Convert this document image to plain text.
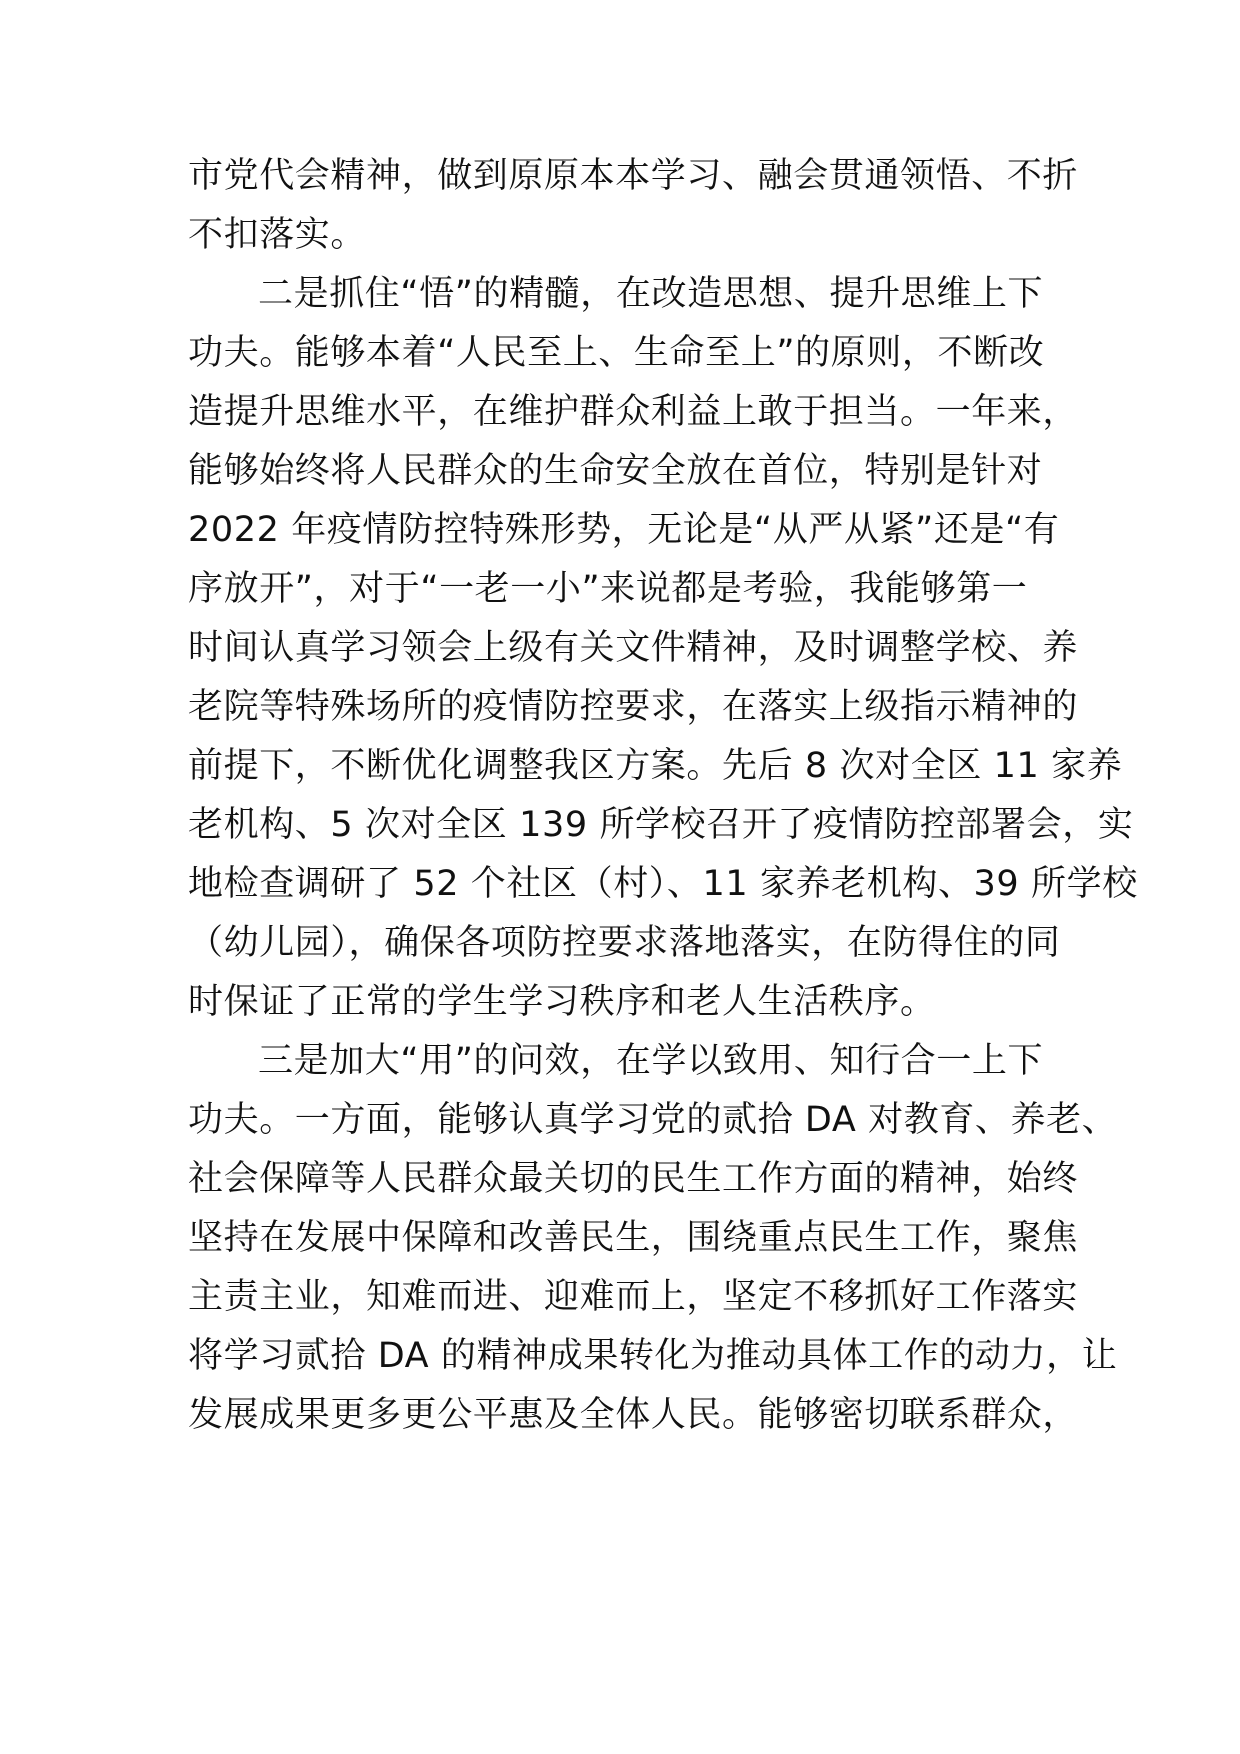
市党代会精神，做到原原本本学习、融会贯通领悟、不折
不扣落实。
二是抓住“悟”的精髓，在改造思想、提升思维上下
功夫。能够本着“人民至上、生命至上”的原则，不断改
造提升思维水平，在维护群众利益上敢于担当。一年来，
能够始终将人民群众的生命安全放在首位，特别是针对
2022 年疫情防控特殊形势，无论是“从严从紧”还是“有
序放开”，对于“一老一小”来说都是考验，我能够第一
时间认真学习领会上级有关文件精神，及时调整学校、养
老院等特殊场所的疫情防控要求，在落实上级指示精神的
前提下，不断优化调整我区方案。先后 8 次对全区 11 家养
老机构、5 次对全区 139 所学校召开了疫情防控部署会，实
地检查调研了 52 个社区（村）、11 家养老机构、39 所学校
（幼儿园），确保各项防控要求落地落实，在防得住的同
时保证了正常的学生学习秩序和老人生活秩序。
三是加大“用”的问效，在学以致用、知行合一上下
功夫。一方面，能够认真学习党的贰拾 DA 对教育、养老、
社会保障等人民群众最关切的民生工作方面的精神，始终
坚持在发展中保障和改善民生，围绕重点民生工作，聚焦
主责主业，知难而进、迎难而上，坚定不移抓好工作落实
将学习贰拾 DA 的精神成果转化为推动具体工作的动力，让
发展成果更多更公平惠及全体人民。能够密切联系群众，
